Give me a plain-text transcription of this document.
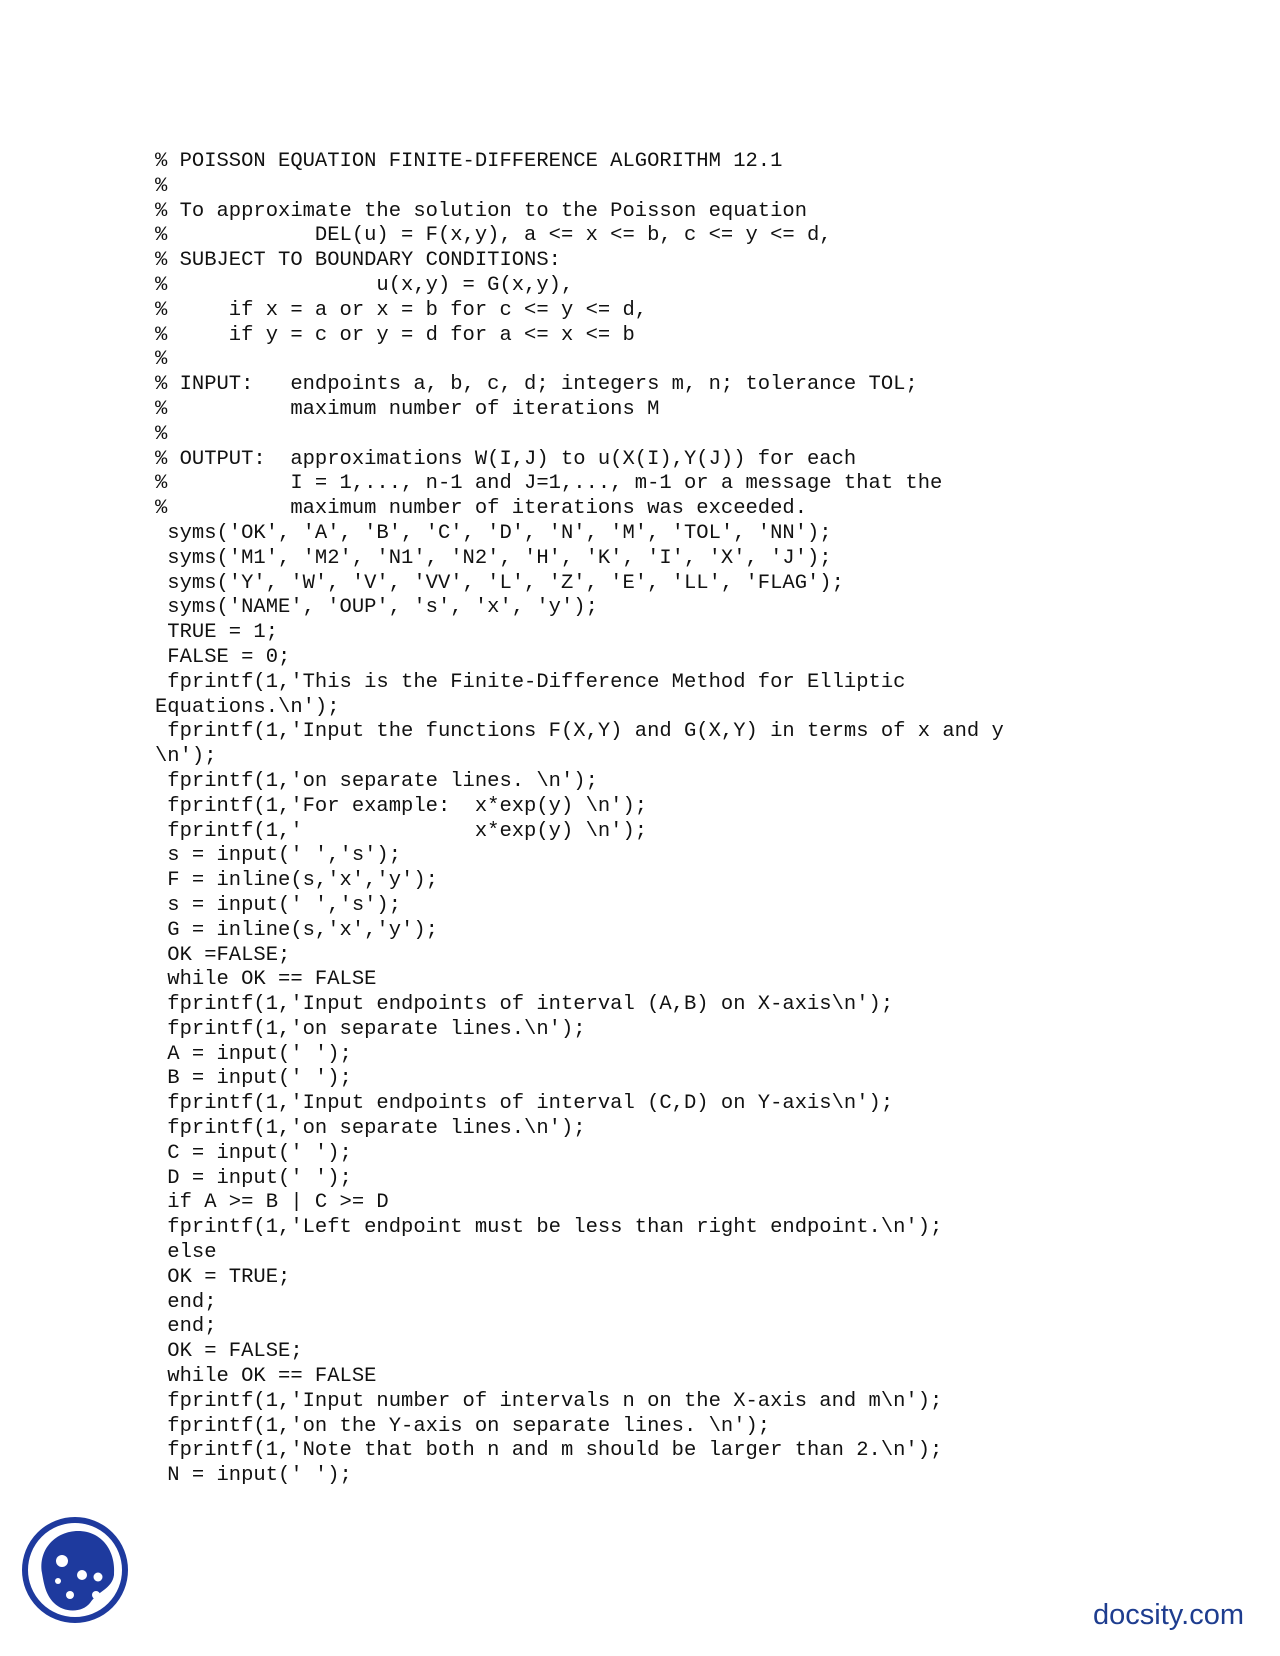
% POISSON EQUATION FINITE-DIFFERENCE ALGORITHM 12.1
%
% To approximate the solution to the Poisson equation
%            DEL(u) = F(x,y), a <= x <= b, c <= y <= d,
% SUBJECT TO BOUNDARY CONDITIONS:
%                 u(x,y) = G(x,y),
%     if x = a or x = b for c <= y <= d,
%     if y = c or y = d for a <= x <= b
%
% INPUT:   endpoints a, b, c, d; integers m, n; tolerance TOL;
%          maximum number of iterations M
%
% OUTPUT:  approximations W(I,J) to u(X(I),Y(J)) for each
%          I = 1,..., n-1 and J=1,..., m-1 or a message that the
%          maximum number of iterations was exceeded.
syms('OK', 'A', 'B', 'C', 'D', 'N', 'M', 'TOL', 'NN');
syms('M1', 'M2', 'N1', 'N2', 'H', 'K', 'I', 'X', 'J');
syms('Y', 'W', 'V', 'VV', 'L', 'Z', 'E', 'LL', 'FLAG');
syms('NAME', 'OUP', 's', 'x', 'y');
TRUE = 1;
FALSE = 0;
fprintf(1,'This is the Finite-Difference Method for Elliptic
Equations.\n');
fprintf(1,'Input the functions F(X,Y) and G(X,Y) in terms of x and y
\n');
fprintf(1,'on separate lines. \n');
fprintf(1,'For example:  x*exp(y) \n');
fprintf(1,'              x*exp(y) \n');
s = input(' ','s');
F = inline(s,'x','y');
s = input(' ','s');
G = inline(s,'x','y');
OK =FALSE;
while OK == FALSE
fprintf(1,'Input endpoints of interval (A,B) on X-axis\n');
fprintf(1,'on separate lines.\n');
A = input(' ');
B = input(' ');
fprintf(1,'Input endpoints of interval (C,D) on Y-axis\n');
fprintf(1,'on separate lines.\n');
C = input(' ');
D = input(' ');
if A >= B | C >= D
fprintf(1,'Left endpoint must be less than right endpoint.\n');
else
OK = TRUE;
end;
end;
OK = FALSE;
while OK == FALSE
fprintf(1,'Input number of intervals n on the X-axis and m\n');
fprintf(1,'on the Y-axis on separate lines. \n');
fprintf(1,'Note that both n and m should be larger than 2.\n');
N = input(' ');
docsity.com
